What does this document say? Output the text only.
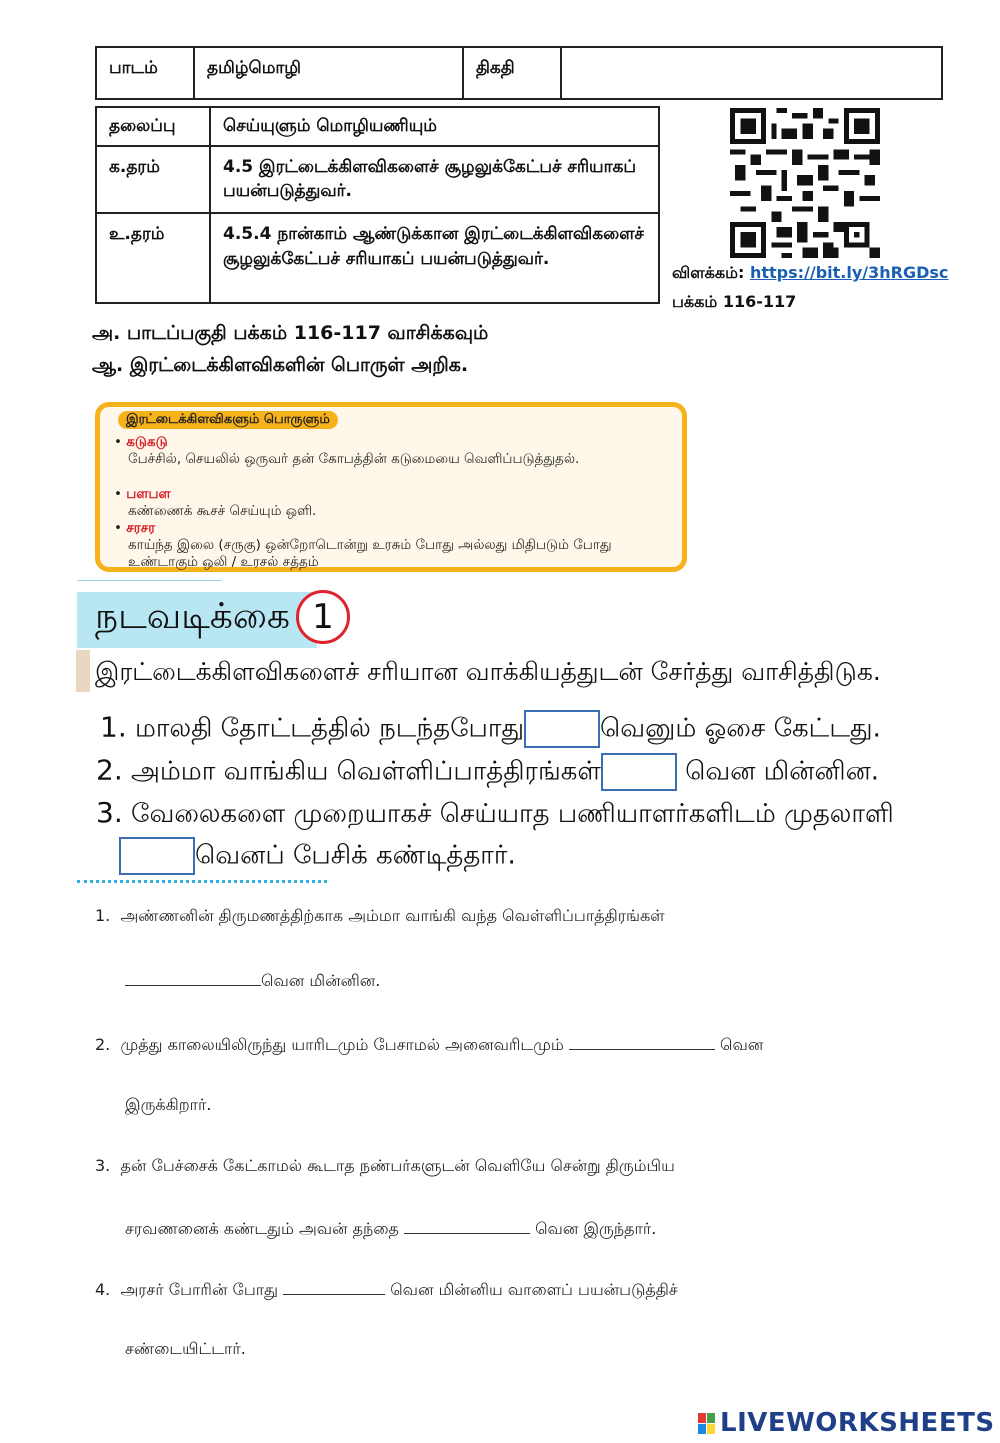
பாடம்	தமிழ்மொழி	திகதி	
தலைப்பு	செய்யுளும் மொழியணியும்
க.தரம்	4.5 இரட்டைக்கிளவிகளைச் சூழலுக்கேட்பச் சரியாகப் பயன்படுத்துவர்.
உ.தரம்	4.5.4 நான்காம் ஆண்டுக்கான இரட்டைக்கிளவிகளைச் சூழலுக்கேட்பச் சரியாகப் பயன்படுத்துவர்.
விளக்கம்: https://bit.ly/3hRGDsc
பக்கம் 116-117
அ. பாடப்பகுதி பக்கம் 116-117 வாசிக்கவும்
ஆ. இரட்டைக்கிளவிகளின் பொருள் அறிக.
இரட்டைக்கிளவிகளும் பொருளும்
• கடுகடு
பேச்சில், செயலில் ஒருவர் தன் கோபத்தின் கடுமையை வெளிப்படுத்துதல்.
• பளபள
கண்ணைக் கூசச் செய்யும் ஒளி.
• சரசர
காய்ந்த இலை (சருகு) ஒன்றோடொன்று உரசும் போது அல்லது மிதிபடும் போது உண்டாகும் ஒலி / உரசல் சத்தம்
நடவடிக்கை 1
இரட்டைக்கிளவிகளைச் சரியான வாக்கியத்துடன் சேர்த்து வாசித்திடுக.
1. மாலதி தோட்டத்தில் நடந்தபோது	வெனும் ஓசை கேட்டது.
2. அம்மா வாங்கிய வெள்ளிப்பாத்திரங்கள்	வென மின்னின.
3. வேலைகளை முறையாகச் செய்யாத பணியாளர்களிடம் முதலாளி
வெனப் பேசிக் கண்டித்தார்.
1. அண்ணனின் திருமணத்திற்காக அம்மா வாங்கி வந்த வெள்ளிப்பாத்திரங்கள்
வென மின்னின.
2. முத்து காலையிலிருந்து யாரிடமும் பேசாமல் அனைவரிடமும்	வென
இருக்கிறார்.
3. தன் பேச்சைக் கேட்காமல் கூடாத நண்பர்களுடன் வெளியே சென்று திரும்பிய
சரவணனைக் கண்டதும் அவன் தந்தை	வென இருந்தார்.
4. அரசர் போரின் போது	வென மின்னிய வாளைப் பயன்படுத்திச்
சண்டையிட்டார்.
LIVEWORKSHEETS
